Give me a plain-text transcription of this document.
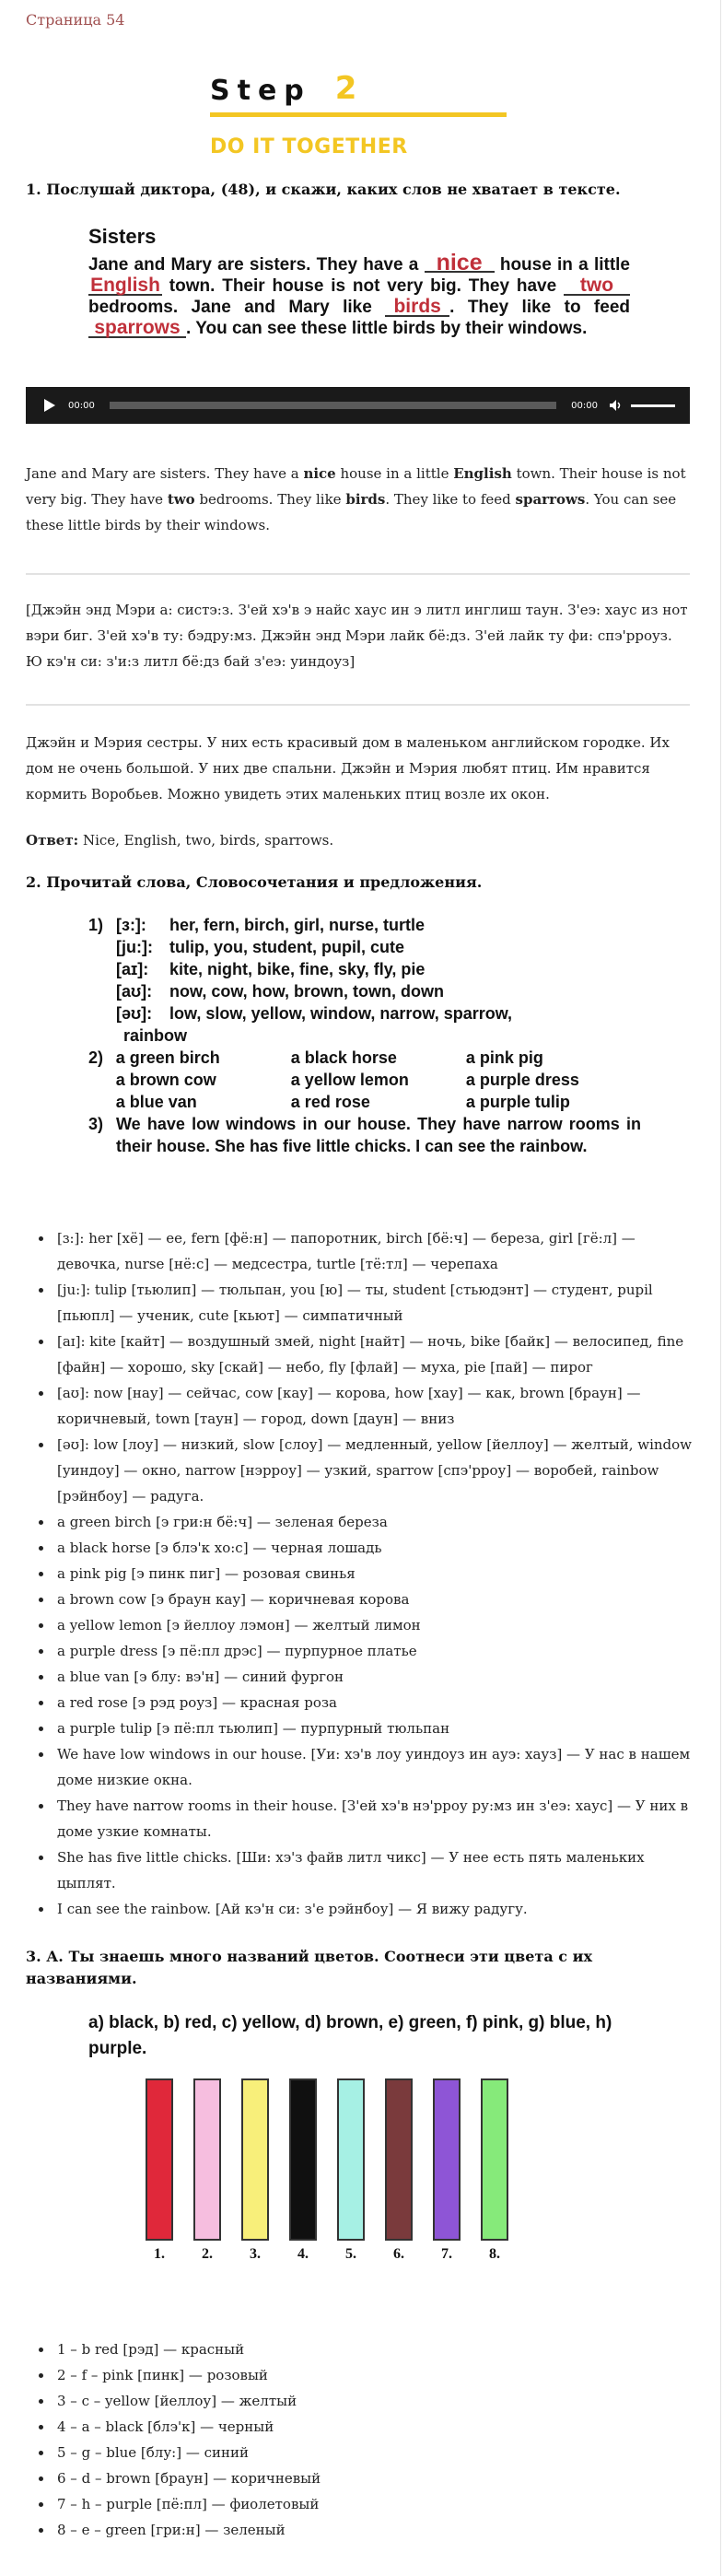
Страница 54
Step 2
DO IT TOGETHER
1. Послушай диктора, (48), и скажи, каких слов не хватает в тексте.
Sisters
Jane and Mary are sisters. They have a nice house in a little English town. Their house is not very big. They have two bedrooms. Jane and Mary like birds . They like to feed sparrows . You can see these little birds by their windows.
00:00	00:00
Jane and Mary are sisters. They have a nice house in a little English town. Their house is not very big. They have two bedrooms. They like birds. They like to feed sparrows. You can see these little birds by their windows.
[Джэйн энд Мэри а: систэ:з. З'ей хэ'в э найс хаус ин э литл инглиш таун. З'еэ: хаус из нот вэри биг. З'ей хэ'в ту: бэдру:мз. Джэйн энд Мэри лайк бё:дз. З'ей лайк ту фи: спэ'рроуз. Ю кэ'н си: з'и:з литл бё:дз бай з'еэ: уиндоуз]
Джэйн и Мэрия сестры. У них есть красивый дом в маленьком английском городке. Их дом не очень большой. У них две спальни. Джэйн и Мэрия любят птиц. Им нравится кормить Воробьев. Можно увидеть этих маленьких птиц возле их окон.
Ответ: Nice, English, two, birds, sparrows.
2. Прочитай слова, Словосочетания и предложения.
1) [ɜ:]:	her, fern, birch, girl, nurse, turtle
[ju:]:	tulip, you, student, pupil, cute
[aɪ]:	kite, night, bike, fine, sky, fly, pie
[aʊ]:	now, cow, how, brown, town, down
[əʊ]:	low, slow, yellow, window, narrow, sparrow,
rainbow
2) a green birch	a black horse	a pink pig
a brown cow	a yellow lemon	a purple dress
a blue van	a red rose	a purple tulip
3) We have low windows in our house. They have narrow rooms in their house. She has five little chicks. I can see the rainbow.
• [ɜ:]: her [хё] — ее, fern [фё:н] — папоротник, birch [бё:ч] — береза, girl [гё:л] — девочка, nurse [нё:с] — медсестра, turtle [тё:тл] — черепаха
• [ju:]: tulip [тьюлип] — тюльпан, you [ю] — ты, student [стьюдэнт] — студент, pupil [пьюпл] — ученик, cute [кьют] — симпатичный
• [aɪ]: kite [кайт] — воздушный змей, night [найт] — ночь, bike [байк] — велосипед, fine [файн] — хорошо, sky [скай] — небо, fly [флай] — муха, pie [пай] — пирог
• [aʊ]: now [нау] — сейчас, cow [кау] — корова, how [хау] — как, brown [браун] — коричневый, town [таун] — город, down [даун] — вниз
• [əʊ]: low [лоу] — низкий, slow [слоу] — медленный, yellow [йеллоу] — желтый, window [уиндоу] — окно, narrow [нэрроу] — узкий, sparrow [спэ'рроу] — воробей, rainbow [рэйнбоу] — радуга.
• a green birch [э гри:н бё:ч] — зеленая береза
• a black horse [э блэ'к хо:с] — черная лошадь
• a pink pig [э пинк пиг] — розовая свинья
• a brown cow [э браун кау] — коричневая корова
• a yellow lemon [э йеллоу лэмон] — желтый лимон
• a purple dress [э пё:пл дрэс] — пурпурное платье
• a blue van [э блу: вэ'н] — синий фургон
• a red rose [э рэд роуз] — красная роза
• a purple tulip [э пё:пл тьюлип] — пурпурный тюльпан
• We have low windows in our house. [Уи: хэ'в лоу уиндоуз ин ауэ: хауз] — У нас в нашем доме низкие окна.
• They have narrow rooms in their house. [З'ей хэ'в нэ'рроу ру:мз ин з'еэ: хаус] — У них в доме узкие комнаты.
• She has five little chicks. [Ши: хэ'з файв литл чикс] — У нее есть пять маленьких цыплят.
• I can see the rainbow. [Ай кэ'н си: з'е рэйнбоу] — Я вижу радугу.
3. А. Ты знаешь много названий цветов. Соотнеси эти цвета с их названиями.
a) black, b) red, c) yellow, d) brown, e) green, f) pink, g) blue, h) purple.
1.	2.	3.	4.	5.	6.	7.	8.
• 1 – b red [рэд] — красный
• 2 – f – pink [пинк] — розовый
• 3 – c – yellow [йеллоу] — желтый
• 4 – a – black [блэ'к] — черный
• 5 – g – blue [блу:] — синий
• 6 – d – brown [браун] — коричневый
• 7 – h – purple [пё:пл] — фиолетовый
• 8 – e – green [гри:н] — зеленый
